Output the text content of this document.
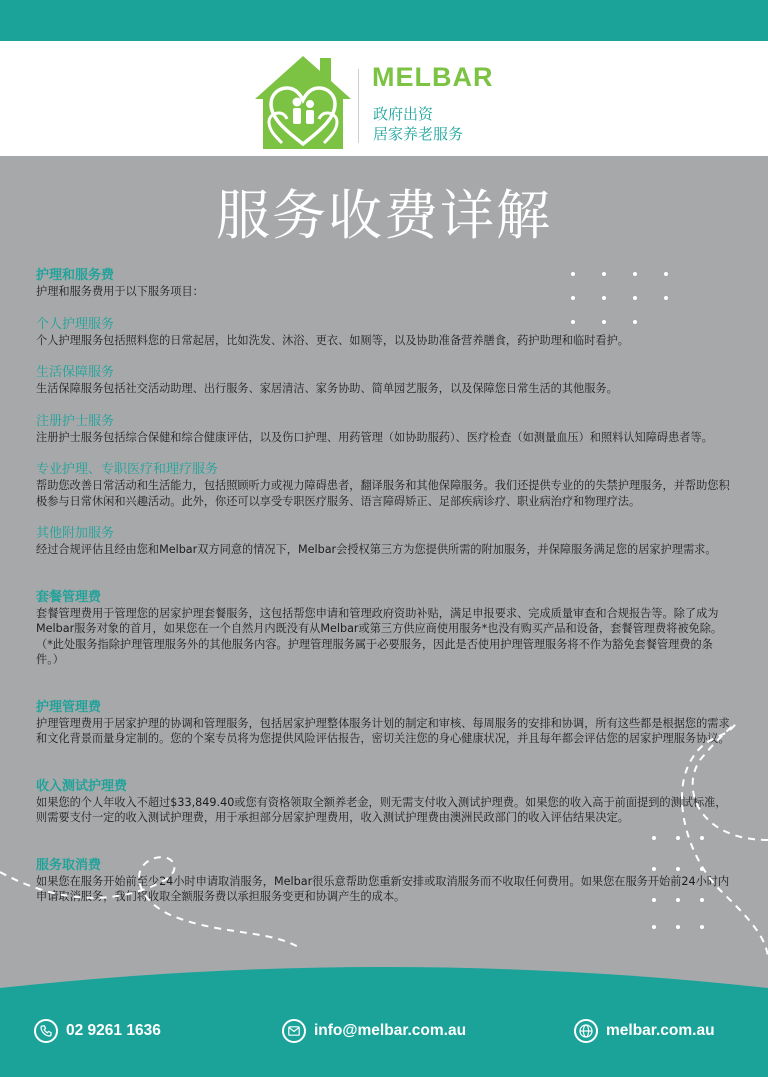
MELBAR
政府出资
居家养老服务
服务收费详解
护理和服务费

护理和服务费用于以下服务项目：

个人护理服务

个人护理服务包括照料您的日常起居，比如洗发、沐浴、更衣、如厕等，以及协助准备营养膳食，药护助理和临时看护。

生活保障服务

生活保障服务包括社交活动助理、出行服务、家居清洁、家务协助、简单园艺服务，以及保障您日常生活的其他服务。

注册护士服务

注册护士服务包括综合保健和综合健康评估，以及伤口护理、用药管理（如协助服药）、医疗检查（如测量血压）和照料认知障碍患者等。

专业护理、专职医疗和理疗服务

帮助您改善日常活动和生活能力，包括照顾听力或视力障碍患者，翻译服务和其他保障服务。我们还提供专业的的失禁护理服务，并帮助您积极参与日常休闲和兴趣活动。此外，你还可以享受专职医疗服务、语言障碍矫正、足部疾病诊疗、职业病治疗和物理疗法。

其他附加服务

经过合规评估且经由您和Melbar双方同意的情况下，Melbar会授权第三方为您提供所需的附加服务，并保障服务满足您的居家护理需求。

套餐管理费

套餐管理费用于管理您的居家护理套餐服务，这包括帮您申请和管理政府资助补贴，满足申报要求、完成质量审查和合规报告等。除了成为Melbar服务对象的首月，如果您在一个自然月内既没有从Melbar或第三方供应商使用服务*也没有购买产品和设备，套餐管理费将被免除。（*此处服务指除护理管理服务外的其他服务内容。护理管理服务属于必要服务，因此是否使用护理管理服务将不作为豁免套餐管理费的条件。）

护理管理费

护理管理费用于居家护理的协调和管理服务，包括居家护理整体服务计划的制定和审核、每周服务的安排和协调，所有这些都是根据您的需求和文化背景而量身定制的。您的个案专员将为您提供风险评估报告，密切关注您的身心健康状况，并且每年都会评估您的居家护理服务协议。

收入测试护理费

如果您的个人年收入不超过$33,849.40或您有资格领取全额养老金，则无需支付收入测试护理费。如果您的收入高于前面提到的测试标准，则需要支付一定的收入测试护理费，用于承担部分居家护理费用，收入测试护理费由澳洲民政部门的收入评估结果决定。

服务取消费

如果您在服务开始前至少24小时申请取消服务，Melbar很乐意帮助您重新安排或取消服务而不收取任何费用。如果您在服务开始前24小时内申请取消服务，我们将收取全额服务费以承担服务变更和协调产生的成本。

02 9261 1636	info@melbar.com.au	melbar.com.au
